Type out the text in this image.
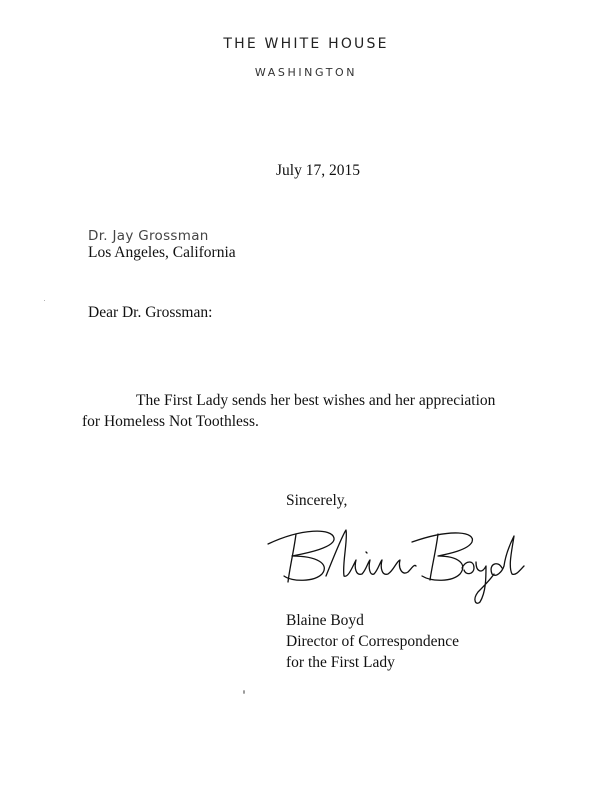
THE WHITE HOUSE
WASHINGTON
July 17, 2015
Dr. Jay Grossman
Los Angeles, California
Dear Dr. Grossman:
The First Lady sends her best wishes and her appreciation
for Homeless Not Toothless.
Sincerely,
Blaine Boyd
Director of Correspondence
for the First Lady
